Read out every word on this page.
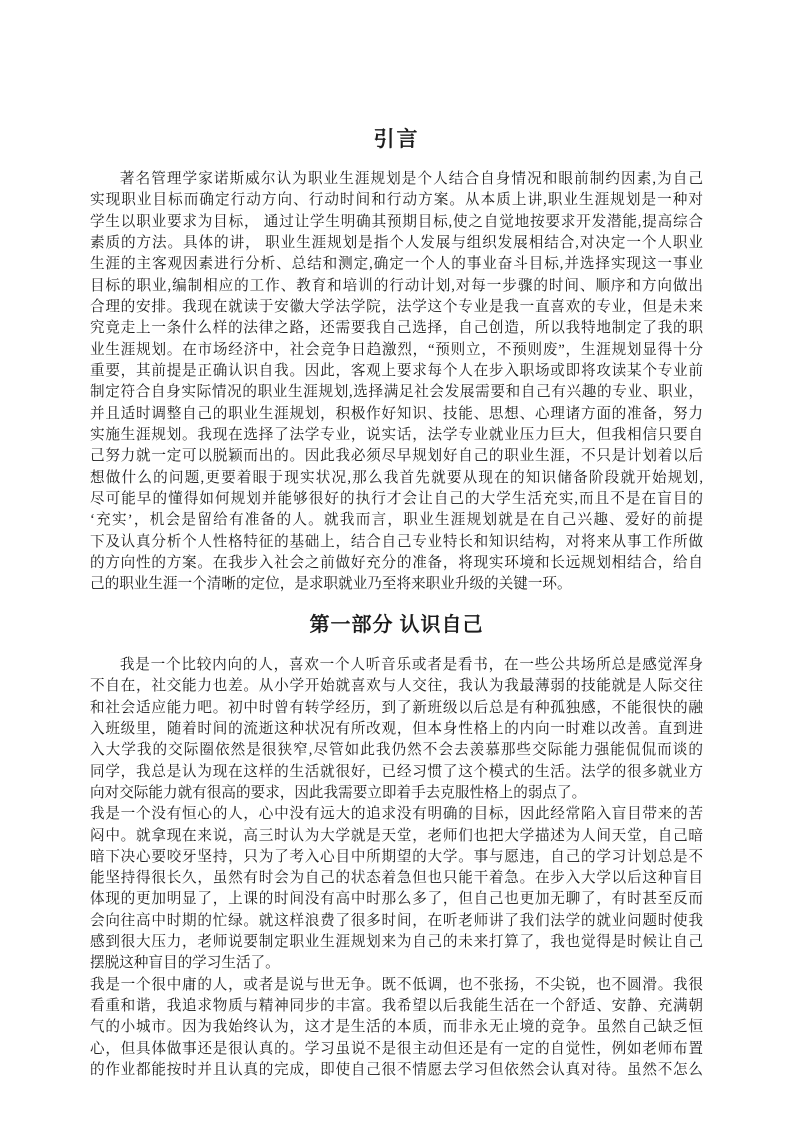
引言
著名管理学家诺斯威尔认为职业生涯规划是个人结合自身情况和眼前制约因素,为自己
实现职业目标而确定行动方向、行动时间和行动方案。从本质上讲,职业生涯规划是一种对
学生以职业要求为目标， 通过让学生明确其预期目标,使之自觉地按要求开发潜能,提高综合
素质的方法。具体的讲， 职业生涯规划是指个人发展与组织发展相结合,对决定一个人职业
生涯的主客观因素进行分析、总结和测定,确定一个人的事业奋斗目标,并选择实现这一事业
目标的职业,编制相应的工作、教育和培训的行动计划,对每一步骤的时间、顺序和方向做出
合理的安排。我现在就读于安徽大学法学院，法学这个专业是我一直喜欢的专业，但是未来
究竟走上一条什么样的法律之路，还需要我自己选择，自己创造，所以我特地制定了我的职
业生涯规划。在市场经济中，社会竞争日趋激烈，“预则立，不预则废”，生涯规划显得十分
重要，其前提是正确认识自我。因此，客观上要求每个人在步入职场或即将攻读某个专业前
制定符合自身实际情况的职业生涯规划,选择满足社会发展需要和自己有兴趣的专业、职业，
并且适时调整自己的职业生涯规划，积极作好知识、技能、思想、心理诸方面的准备，努力
实施生涯规划。我现在选择了法学专业，说实话，法学专业就业压力巨大，但我相信只要自
己努力就一定可以脱颖而出的。因此我必须尽早规划好自己的职业生涯，不只是计划着以后
想做什么的问题,更要着眼于现实状况,那么我首先就要从现在的知识储备阶段就开始规划,
尽可能早的懂得如何规划并能够很好的执行才会让自己的大学生活充实,而且不是在盲目的
‘充实’，机会是留给有准备的人。就我而言，职业生涯规划就是在自己兴趣、爱好的前提
下及认真分析个人性格特征的基础上，结合自己专业特长和知识结构，对将来从事工作所做
的方向性的方案。在我步入社会之前做好充分的准备，将现实环境和长远规划相结合，给自
己的职业生涯一个清晰的定位，是求职就业乃至将来职业升级的关键一环。
第一部分 认识自己
我是一个比较内向的人，喜欢一个人听音乐或者是看书，在一些公共场所总是感觉浑身
不自在，社交能力也差。从小学开始就喜欢与人交往，我认为我最薄弱的技能就是人际交往
和社会适应能力吧。初中时曾有转学经历，到了新班级以后总是有种孤独感，不能很快的融
入班级里，随着时间的流逝这种状况有所改观，但本身性格上的内向一时难以改善。直到进
入大学我的交际圈依然是很狭窄,尽管如此我仍然不会去羡慕那些交际能力强能侃侃而谈的
同学，我总是认为现在这样的生活就很好，已经习惯了这个模式的生活。法学的很多就业方
向对交际能力就有很高的要求，因此我需要立即着手去克服性格上的弱点了。
我是一个没有恒心的人，心中没有远大的追求没有明确的目标，因此经常陷入盲目带来的苦
闷中。就拿现在来说，高三时认为大学就是天堂，老师们也把大学描述为人间天堂，自己暗
暗下决心要咬牙坚持，只为了考入心目中所期望的大学。事与愿违，自己的学习计划总是不
能坚持得很长久，虽然有时会为自己的状态着急但也只能干着急。在步入大学以后这种盲目
体现的更加明显了，上课的时间没有高中时那么多了，但自己也更加无聊了，有时甚至反而
会向往高中时期的忙绿。就这样浪费了很多时间，在听老师讲了我们法学的就业问题时使我
感到很大压力，老师说要制定职业生涯规划来为自己的未来打算了，我也觉得是时候让自己
摆脱这种盲目的学习生活了。
我是一个很中庸的人，或者是说与世无争。既不低调，也不张扬，不尖锐，也不圆滑。我很
看重和谐，我追求物质与精神同步的丰富。我希望以后我能生活在一个舒适、安静、充满朝
气的小城市。因为我始终认为，这才是生活的本质，而非永无止境的竞争。虽然自己缺乏恒
心，但具体做事还是很认真的。学习虽说不是很主动但还是有一定的自觉性，例如老师布置
的作业都能按时并且认真的完成，即使自己很不情愿去学习但依然会认真对待。虽然不怎么
